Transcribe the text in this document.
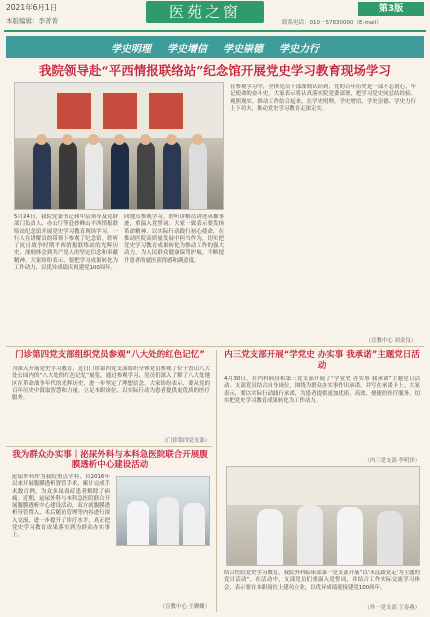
2021年6月1日
本版编辑：李菁菁	医苑之窗	第3版
联系电话：010－57830000（E-mail）
学史明理 学史增信 学史崇德 学史力行
我院领导赴“平西情报联络站”纪念馆开展党史学习教育现场学习
5月24日，我院党委书记和中层领导及党群部门负责人、办公厅等赴妙峰山平西情报联络站纪念馆开展党史学习教育现场学习。一行人在讲解员的带领下参观了纪念馆，聆听了抗日战争时期平西情报联络站的光辉历史，深刻体会到共产党人的坚定信念和奉献精神。大家纷纷表示，要把学习成果转化为工作动力，以优异成绩庆祝建党100周年。
同地点参观学习，聆听讲解员讲述英雄事迹，重温入党誓词。大家一致表示要发扬革命精神，以实际行动践行初心使命，在推动医院高质量发展中担当作为，切实把党史学习教育成果转化为推动工作的强大动力，为人民群众健康保驾护航，不断提升患者的就医获得感和满意度。
在参观学习中，全体党员干部深刻认识到，党的百年历史是一部不忘初心、牢记使命的奋斗史。大家表示将认真落实院党委部署，把学习党史同总结经验、观照现实、推动工作结合起来，在学史明理、学史增信、学史崇德、学史力行上下功夫，推动党史学习教育走深走实。
（宣教中心 刘金良）
门诊第四党支部组织党员参观“八大处的红色记忆”
为深入开展党史学习教育，近日门诊第四党支部组织全体党员参观了位于香山八大处公园内的“八大处的红色记忆”展览。通过参观学习，党员们深入了解了八大处地区在革命战争年代的光辉历史，进一步坚定了理想信念。大家纷纷表示，要从党的百年历史中汲取智慧和力量，立足本职岗位，以实际行动为患者提供更优质的医疗服务。
（门诊第四党支部）
内三党支部开展“学党史 办实事 我承诺”主题党日活动
4月30日，在内科病房积第三党支部开展了“学党史 办实事 我承诺”主题党日活动。支部党员结合自身岗位，围绕为群众办实事作出承诺，并写在承诺卡上。大家表示，要以实际行动践行承诺，为患者提供更加优质、高效、便捷的医疗服务，切实把党史学习教育成果转化为工作动力。
（内三党支部 李明泽）
我为群众办实事｜泌尿外科与本科急医院联合开展腹膜透析中心建设活动
泌尿外科作为我院重点学科，自2016年以来开展腹膜透析置管手术，累计完成手术数百例，为众多尿毒症患者解除了病痛。近期，泌尿外科与本科急医院联合开展腹膜透析中心建设活动，双方就腹膜透析导管置入、术后随访管理等内容进行深入交流，进一步提升了诊疗水平，真正把党史学习教育成果落实到为群众办实事上。
（宣教中心 王姗姗）
结合医院党史学习教育，我院外科临床部第一党支部开展“以‘永远跟党走’为主题的党日活动”。在活动中，支部党员们重温入党誓词，并结合工作实际交流学习体会，表示要在本职岗位上建功立业，以优异成绩迎接建党100周年。
（外一党支部 王春燕）
